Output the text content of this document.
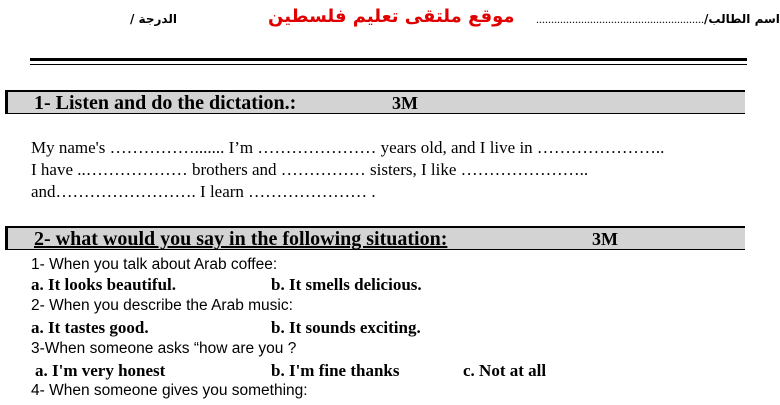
الدرجة /	موقع ملتقى تعليم فلسطين	اسم الطالب/........................................................
1- Listen and do the dictation.:	3M
My name's ……………....... I’m ………………… years old, and I live in …………………..
I have ..……………… brothers and …………… sisters, I like …………………..
and……………………. I learn ………………… .
2- what would you say in the following situation:	3M
1- When you talk about Arab coffee:
a. It looks beautiful.	b. It smells delicious.
2- When you describe the Arab music:
a. It tastes good.	b. It sounds exciting.
3-When someone asks “how are you ?
a. I'm very honest	b. I'm fine thanks	c. Not at all
4- When someone gives you something:
